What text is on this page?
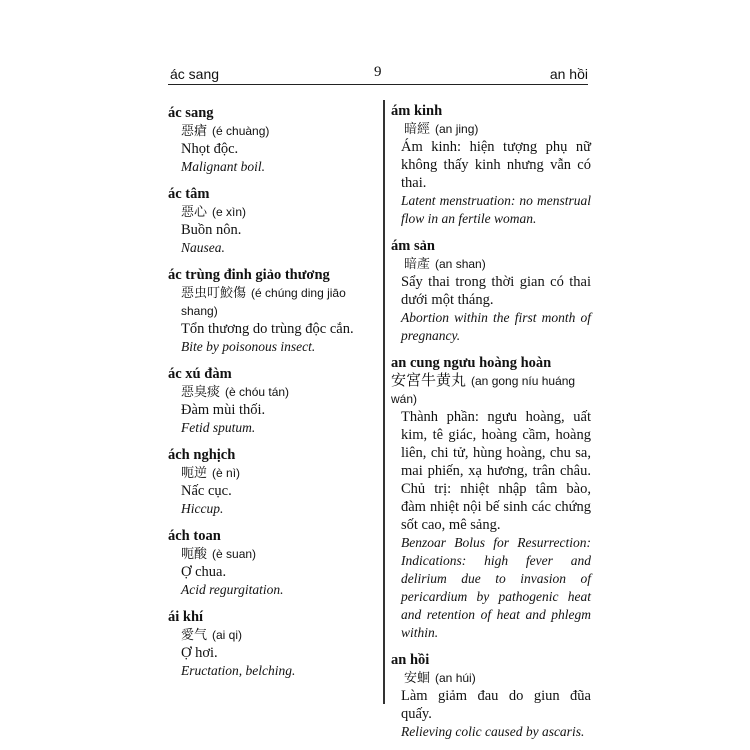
ác sang	9	an hồi
ác sang
惡瘡 (é chuàng)
Nhọt độc.
Malignant boil.
ác tâm
惡心 (e xìn)
Buồn nôn.
Nausea.
ác trùng đinh giảo thương
惡虫叮鮫傷 (é chúng ding jiāo shang)
Tổn thương do trùng độc cắn.
Bite by poisonous insect.
ác xú đàm
惡臭痰 (è chóu tán)
Đàm mùi thối.
Fetid sputum.
ách nghịch
呃逆 (è nì)
Nấc cục.
Hiccup.
ách toan
呃酸 (è suan)
Ợ chua.
Acid regurgitation.
ái khí
愛气 (ai qi)
Ợ hơi.
Eructation, belching.
ám kinh
暗經 (an jing)
Ám kinh: hiện tượng phụ nữ không thấy kinh nhưng vẫn có thai.
Latent menstruation: no menstrual flow in an fertile woman.
ám sản
暗產 (an shan)
Sẩy thai trong thời gian có thai dưới một tháng.
Abortion within the first month of pregnancy.
an cung ngưu hoàng hoàn
安宮牛黄丸 (an gong níu huáng wán)
Thành phần: ngưu hoàng, uất kim, tê giác, hoàng cầm, hoàng liên, chi tử, hùng hoàng, chu sa, mai phiến, xạ hương, trân châu. Chủ trị: nhiệt nhập tâm bào, đàm nhiệt nội bế sinh các chứng sốt cao, mê sảng.
Benzoar Bolus for Resurrection: Indications: high fever and delirium due to invasion of pericardium by pathogenic heat and retention of heat and phlegm within.
an hồi
安蛔 (an húi)
Làm giảm đau do giun đũa quấy.
Relieving colic caused by ascaris.
